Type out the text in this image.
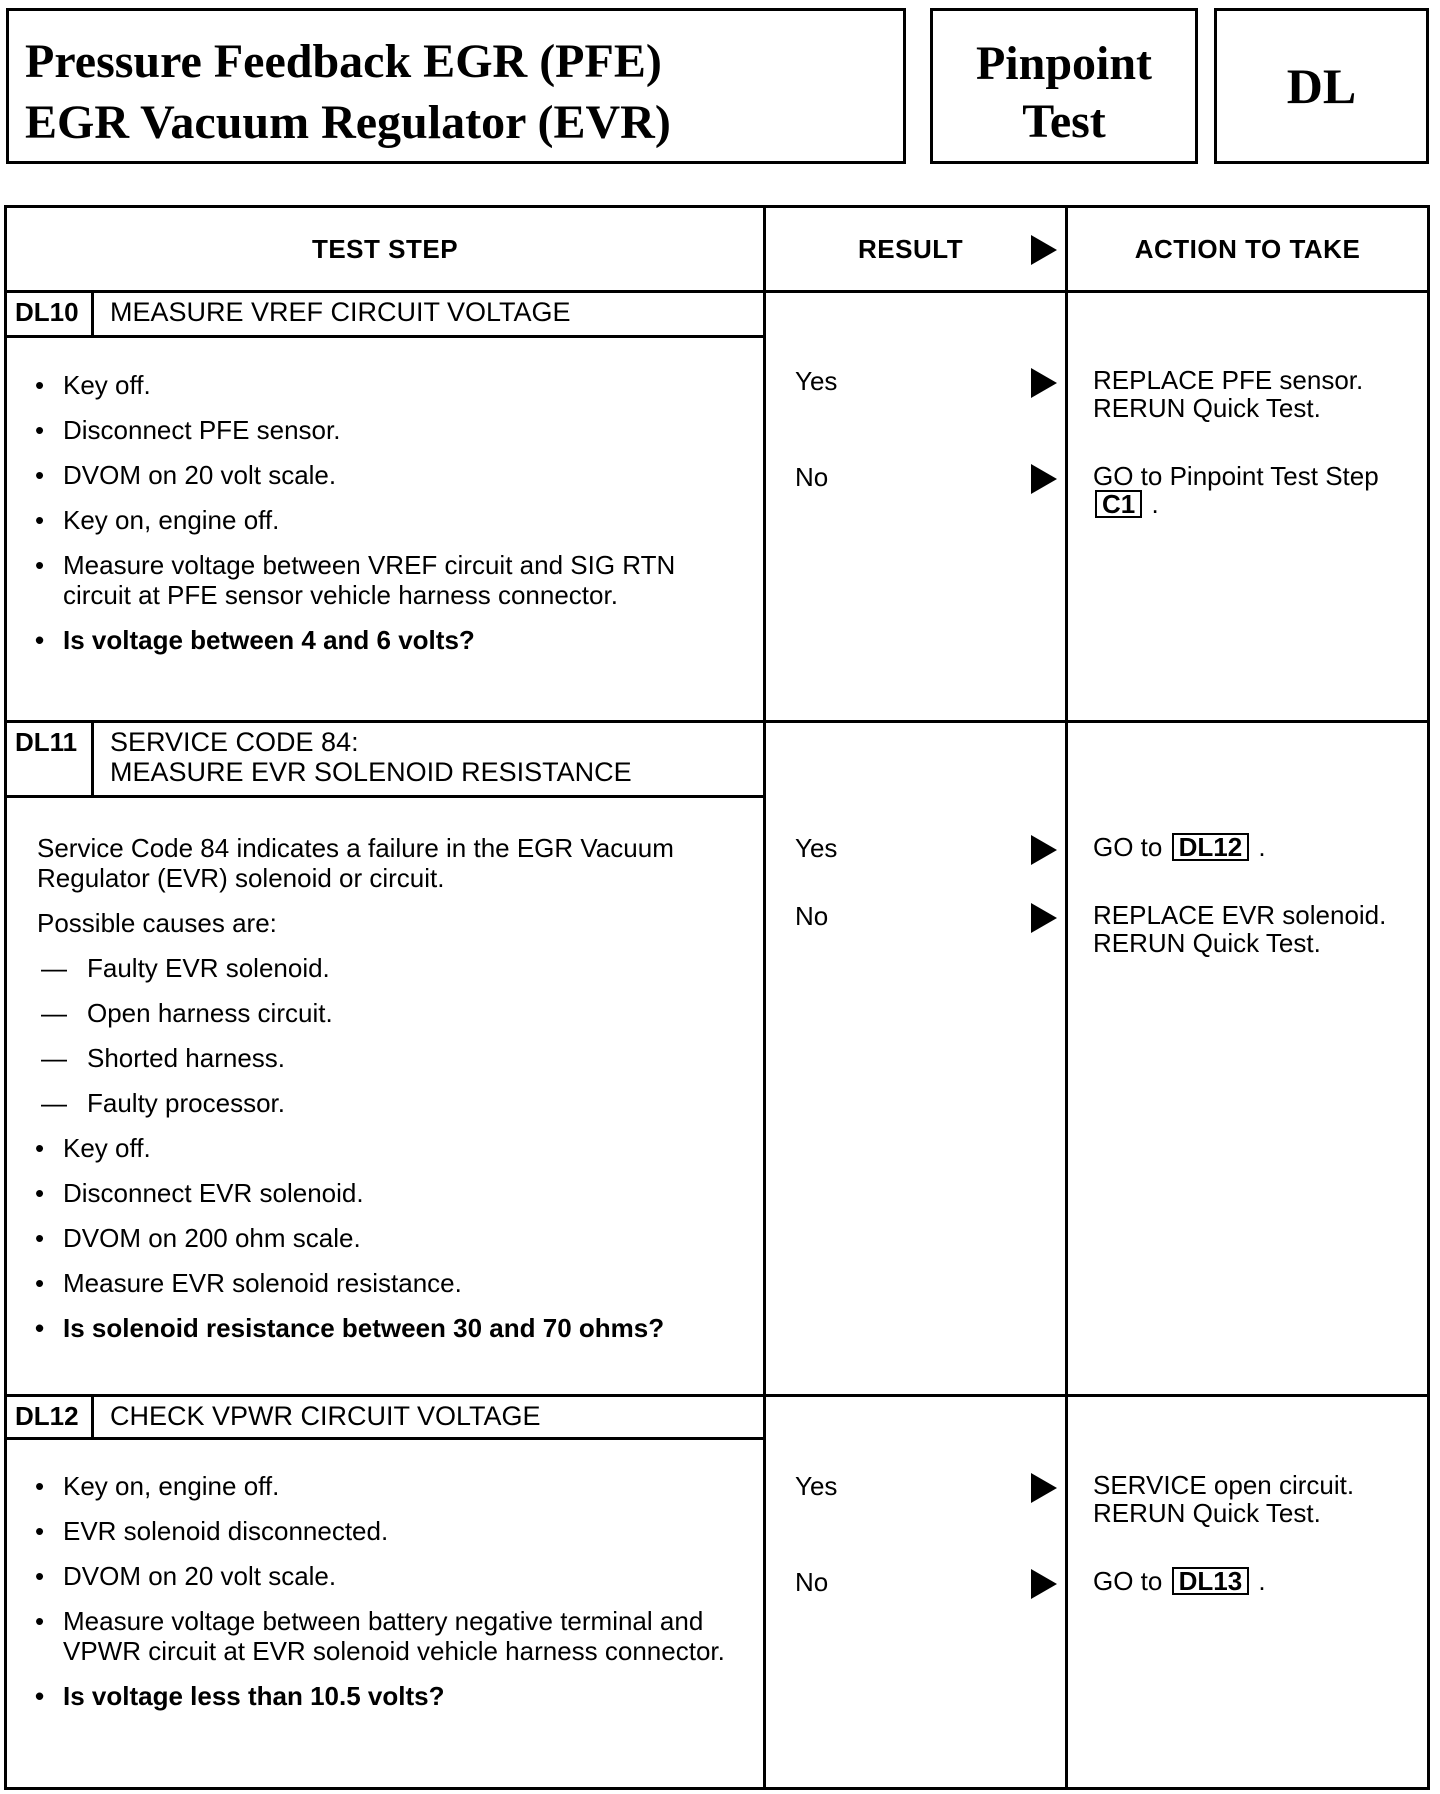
Pressure Feedback EGR (PFE)
EGR Vacuum Regulator (EVR)
Pinpoint
Test
DL
TEST STEP	RESULT	ACTION TO TAKE
DL10	MEASURE VREF CIRCUIT VOLTAGE
• Key off.
• Disconnect PFE sensor.
• DVOM on 20 volt scale.
• Key on, engine off.
• Measure voltage between VREF circuit and SIG RTN circuit at PFE sensor vehicle harness connector.
• Is voltage between 4 and 6 volts?
Yes	REPLACE PFE sensor. RERUN Quick Test.
No	GO to Pinpoint Test Step C1 .
DL11	SERVICE CODE 84:
MEASURE EVR SOLENOID RESISTANCE
Service Code 84 indicates a failure in the EGR Vacuum Regulator (EVR) solenoid or circuit.
Possible causes are:
— Faulty EVR solenoid.
— Open harness circuit.
— Shorted harness.
— Faulty processor.
• Key off.
• Disconnect EVR solenoid.
• DVOM on 200 ohm scale.
• Measure EVR solenoid resistance.
• Is solenoid resistance between 30 and 70 ohms?
Yes	GO to DL12 .
No	REPLACE EVR solenoid. RERUN Quick Test.
DL12	CHECK VPWR CIRCUIT VOLTAGE
• Key on, engine off.
• EVR solenoid disconnected.
• DVOM on 20 volt scale.
• Measure voltage between battery negative terminal and VPWR circuit at EVR solenoid vehicle harness connector.
• Is voltage less than 10.5 volts?
Yes	SERVICE open circuit. RERUN Quick Test.
No	GO to DL13 .
